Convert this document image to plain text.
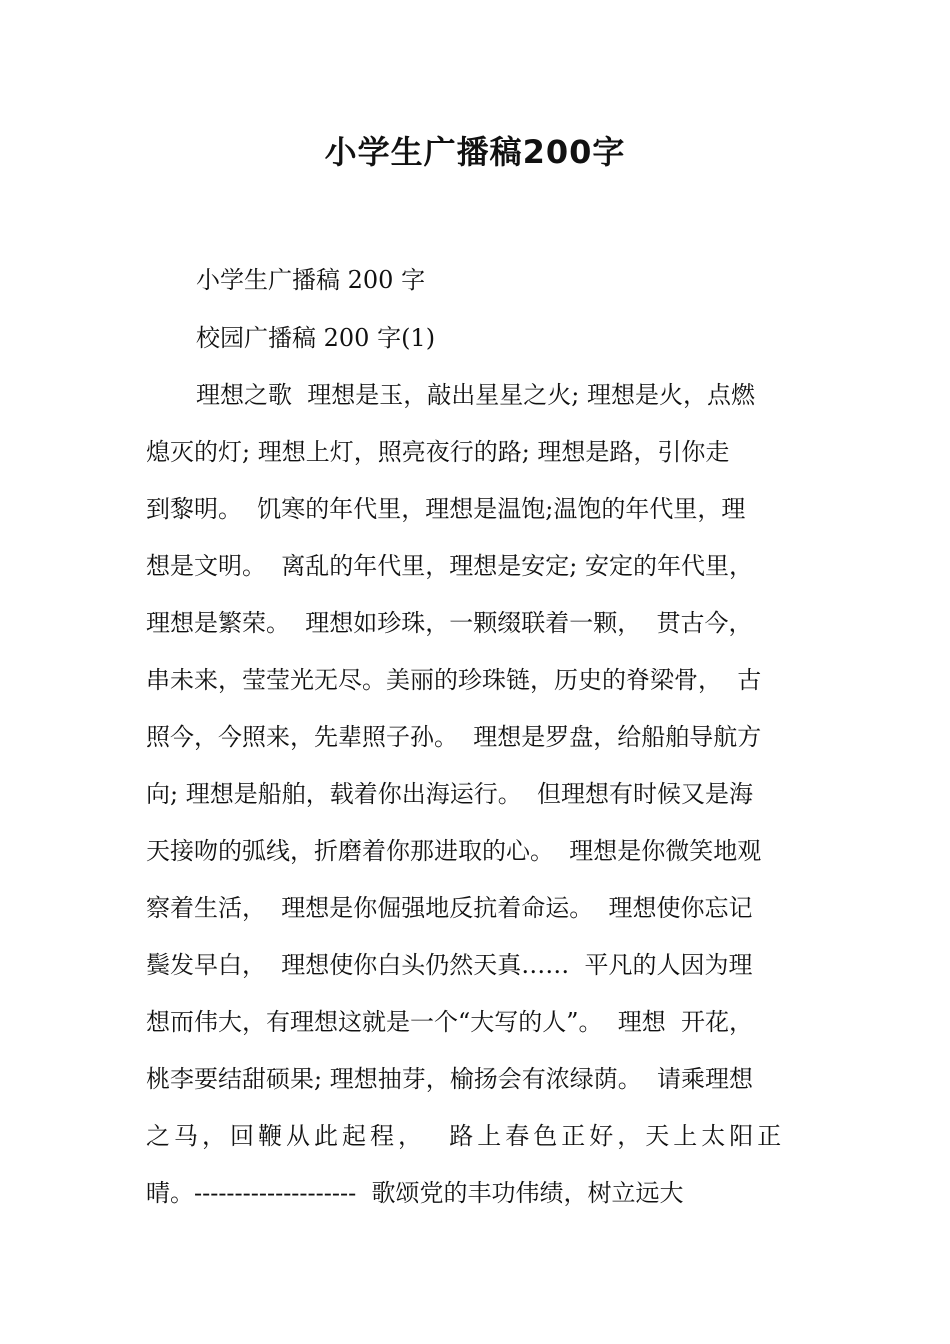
小学生广播稿200字
小学生广播稿 200 字
校园广播稿 200 字(1)
理想之歌  理想是玉，敲出星星之火; 理想是火，点燃
熄灭的灯; 理想上灯，照亮夜行的路; 理想是路，引你走
到黎明。  饥寒的年代里，理想是温饱;温饱的年代里，理
想是文明。  离乱的年代里，理想是安定; 安定的年代里，
理想是繁荣。  理想如珍珠，一颗缀联着一颗，  贯古今，
串未来，莹莹光无尽。美丽的珍珠链，历史的脊梁骨，  古
照今，今照来，先辈照子孙。  理想是罗盘，给船舶导航方
向; 理想是船舶，载着你出海运行。  但理想有时候又是海
天接吻的弧线，折磨着你那进取的心。  理想是你微笑地观
察着生活，  理想是你倔强地反抗着命运。  理想使你忘记
鬓发早白，  理想使你白头仍然天真……  平凡的人因为理
想而伟大，有理想这就是一个“大写的人”。  理想  开花，
桃李要结甜硕果; 理想抽芽，榆扬会有浓绿荫。  请乘理想
之马，回鞭从此起程，  路上春色正好，天上太阳正
晴。--------------------  歌颂党的丰功伟绩，树立远大
